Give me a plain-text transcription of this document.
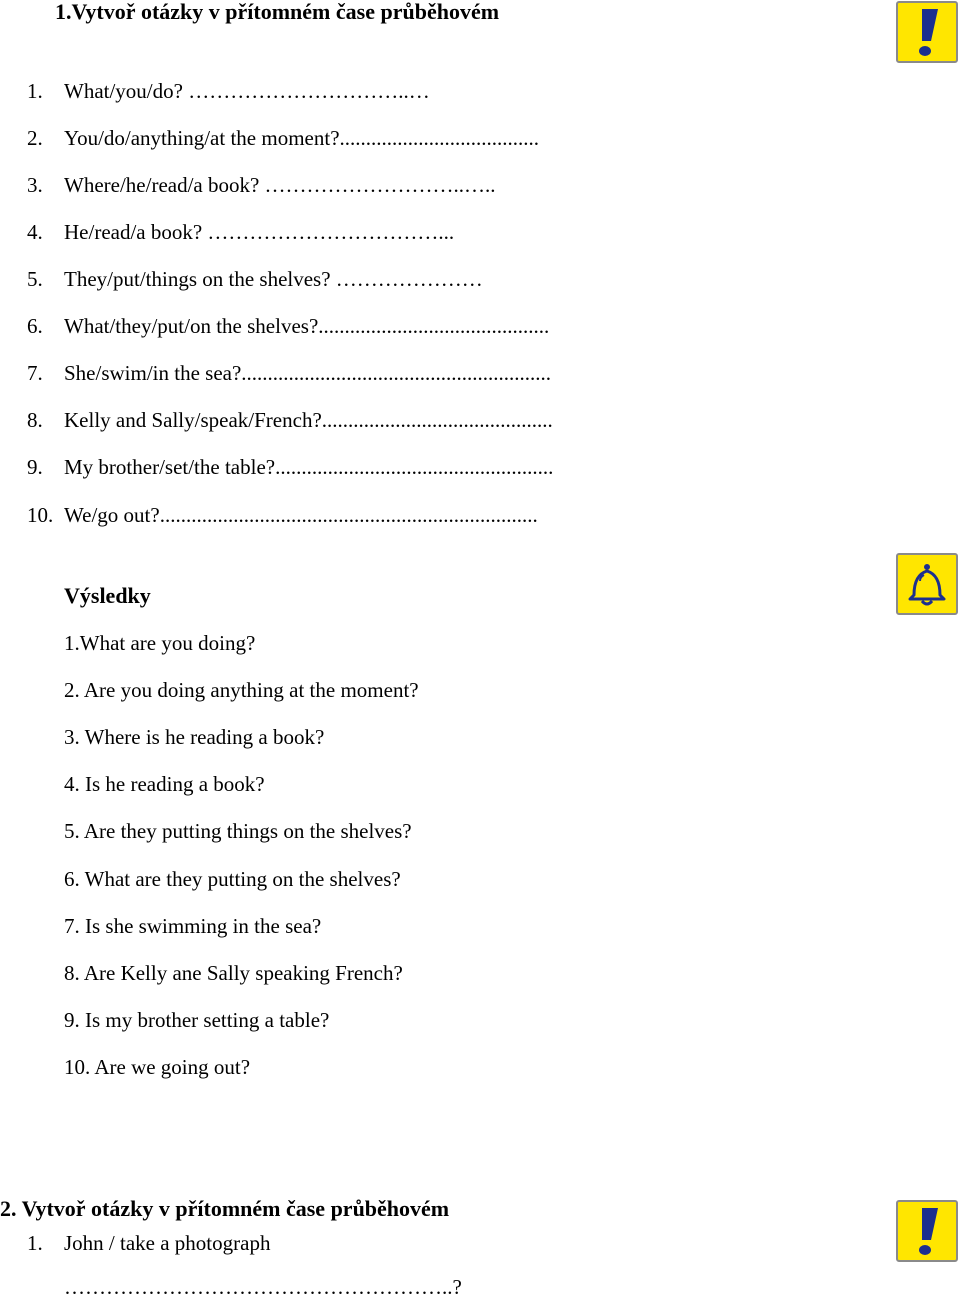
1.Vytvoř otázky v přítomném čase průběhovém
1. What/you/do? …………………………..…
2. You/do/anything/at the moment?......................................
3. Where/he/read/a book? ………………………..…..
4. He/read/a book? ……………………………...
5. They/put/things on the shelves? …………………
6. What/they/put/on the shelves?............................................
7. She/swim/in the sea?...........................................................
8. Kelly and Sally/speak/French?............................................
9. My brother/set/the table?.....................................................
10. We/go out?........................................................................
Výsledky
1.What are you doing?
2. Are you doing anything at the moment?
3. Where is he reading a book?
4. Is he reading a book?
5. Are they putting things on the shelves?
6. What are they putting on the shelves?
7. Is she swimming in the sea?
8. Are Kelly ane Sally speaking French?
9. Is my brother setting a table?
10. Are we going out?
2. Vytvoř otázky v přítomném čase průběhovém
1. John / take a photograph
………………………………………………..?
